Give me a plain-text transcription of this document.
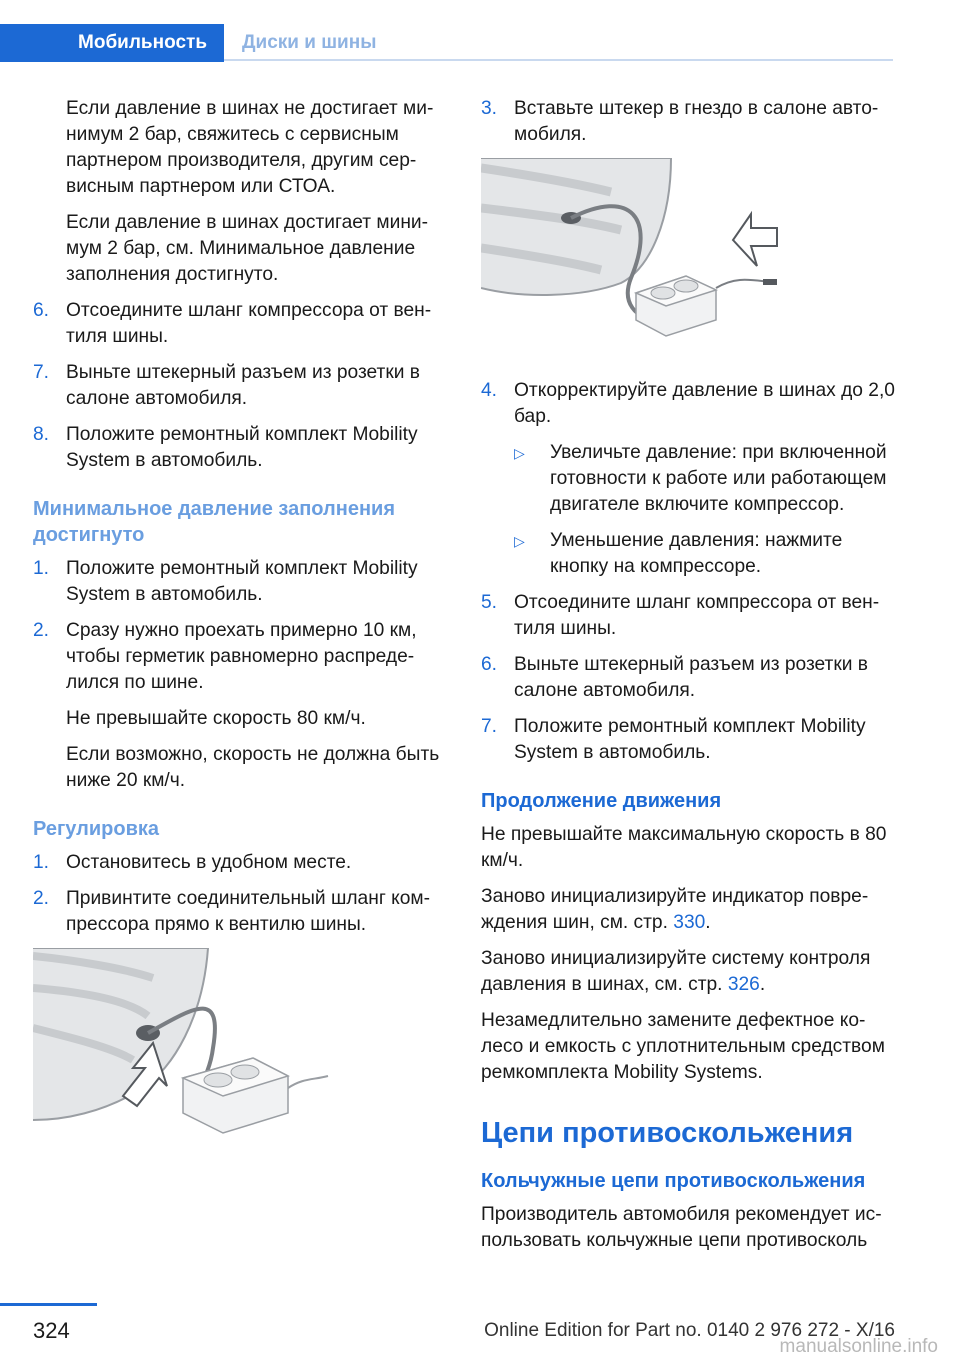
Мобильность Диски и шины

Если давление в шинах не достигает минимум 2 бар, свяжитесь с сервисным партнером производителя, другим сервисным партнером или СТОА.

Если давление в шинах достигает минимум 2 бар, см. Минимальное давление заполнения достигнуто.

6. Отсоедините шланг компрессора от вентиля шины.

7. Выньте штекерный разъем из розетки в салоне автомобиля.

8. Положите ремонтный комплект Mobility System в автомобиль.

Минимальное давление заполнения достигнуто
1. Положите ремонтный комплект Mobility System в автомобиль.

2. Сразу нужно проехать примерно 10 км, чтобы герметик равномерно распределился по шине.

Не превышайте скорость 80 км/ч.

Если возможно, скорость не должна быть ниже 20 км/ч.

Регулировка
1. Остановитесь в удобном месте.

2. Привинтите соединительный шланг компрессора прямо к вентилю шины.

3. Вставьте штекер в гнездо в салоне автомобиля.

4. Откорректируйте давление в шинах до 2,0 бар.

▷ Увеличьте давление: при включенной готовности к работе или работающем двигателе включите компрессор.

▷ Уменьшение давления: нажмите кнопку на компрессоре.

5. Отсоедините шланг компрессора от вентиля шины.

6. Выньте штекерный разъем из розетки в салоне автомобиля.

7. Положите ремонтный комплект Mobility System в автомобиль.

Продолжение движения

Не превышайте максимальную скорость в 80 км/ч.

Заново инициализируйте индикатор повреждения шин, см. стр. 330.

Заново инициализируйте систему контроля давления в шинах, см. стр. 326.

Незамедлительно замените дефектное колесо и емкость с уплотнительным средством ремкомплекта Mobility Systems.

Цепи противоскольжения
Кольчужные цепи противоскольжения

Производитель автомобиля рекомендует использовать кольчужные цепи противосколь

324	Online Edition for Part no. 0140 2 976 272 - X/16
manualsonline.info
